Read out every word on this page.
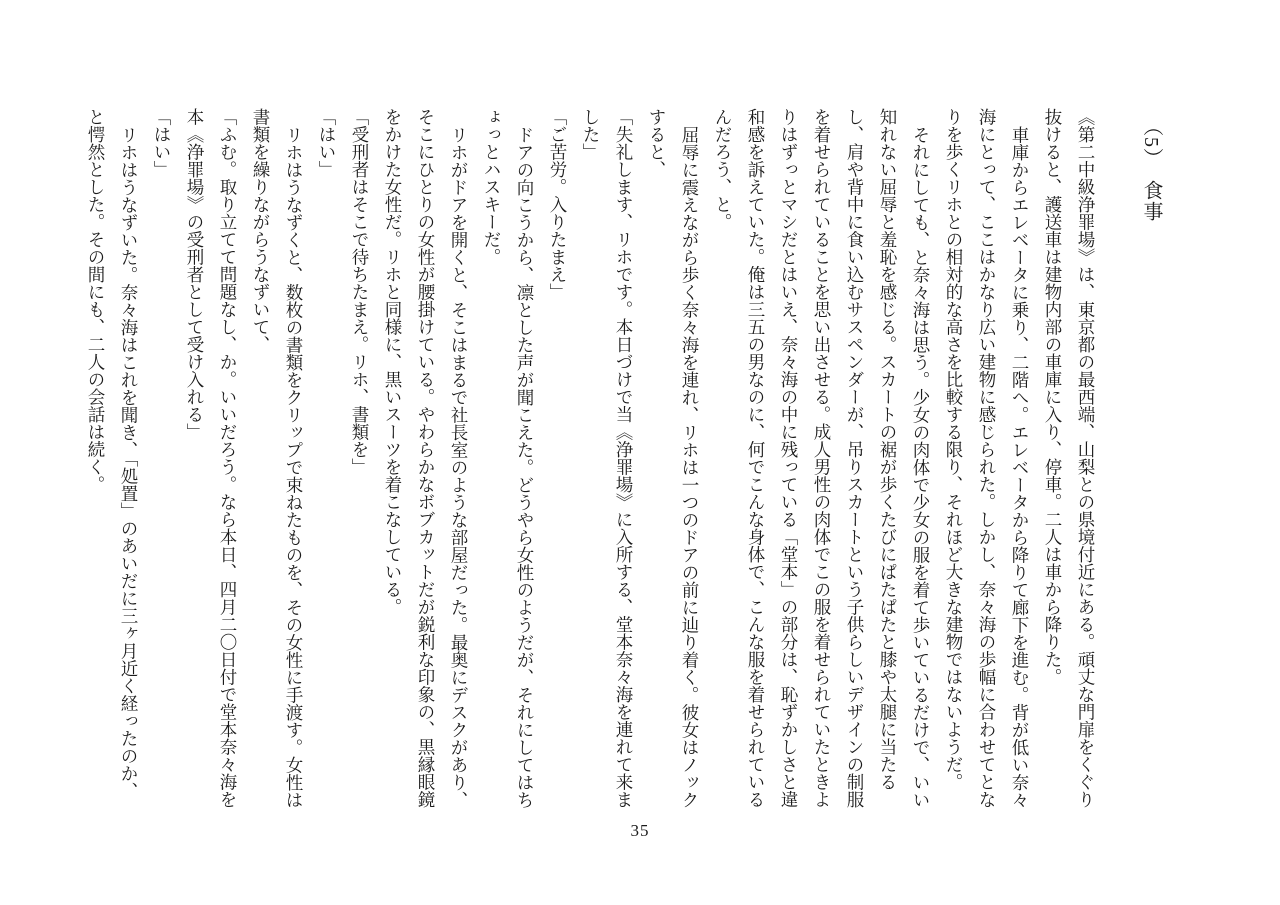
（5）　食事

《第二中級浄罪場》は、東京都の最西端、山梨との県境付近にある。頑丈な門扉をくぐり抜けると、護送車は建物内部の車庫に入り、停車。二人は車から降りた。

車庫からエレベータに乗り、二階へ。エレベータから降りて廊下を進む。背が低い奈々海にとって、ここはかなり広い建物に感じられた。しかし、奈々海の歩幅に合わせてとなりを歩くリホとの相対的な高さを比較する限り、それほど大きな建物ではないようだ。

それにしても、と奈々海は思う。少女の肉体で少女の服を着て歩いているだけで、いい知れない屈辱と羞恥を感じる。スカートの裾が歩くたびにぱたぱたと膝や太腿に当たるし、肩や背中に食い込むサスペンダーが、吊りスカートという子供らしいデザインの制服を着せられていることを思い出させる。成人男性の肉体でこの服を着せられていたときよりはずっとマシだとはいえ、奈々海の中に残っている「堂本」の部分は、恥ずかしさと違和感を訴えていた。俺は三五の男なのに、何でこんな身体で、こんな服を着せられているんだろう、と。

屈辱に震えながら歩く奈々海を連れ、リホは一つのドアの前に辿り着く。彼女はノックすると、

「失礼します、リホです。本日づけで当《浄罪場》に入所する、堂本奈々海を連れて来ました」

「ご苦労。入りたまえ」

ドアの向こうから、凛とした声が聞こえた。どうやら女性のようだが、それにしてはちょっとハスキーだ。

リホがドアを開くと、そこはまるで社長室のような部屋だった。最奥にデスクがあり、そこにひとりの女性が腰掛けている。やわらかなボブカットだが鋭利な印象の、黒縁眼鏡をかけた女性だ。リホと同様に、黒いスーツを着こなしている。

「受刑者はそこで待ちたまえ。リホ、書類を」

「はい」

リホはうなずくと、数枚の書類をクリップで束ねたものを、その女性に手渡す。女性は書類を繰りながらうなずいて、

「ふむ。取り立てて問題なし、か。いいだろう。なら本日、四月二〇日付で堂本奈々海を本《浄罪場》の受刑者として受け入れる」

「はい」

リホはうなずいた。奈々海はこれを聞き、「処置」のあいだに三ヶ月近く経ったのか、と愕然とした。その間にも、二人の会話は続く。

35
